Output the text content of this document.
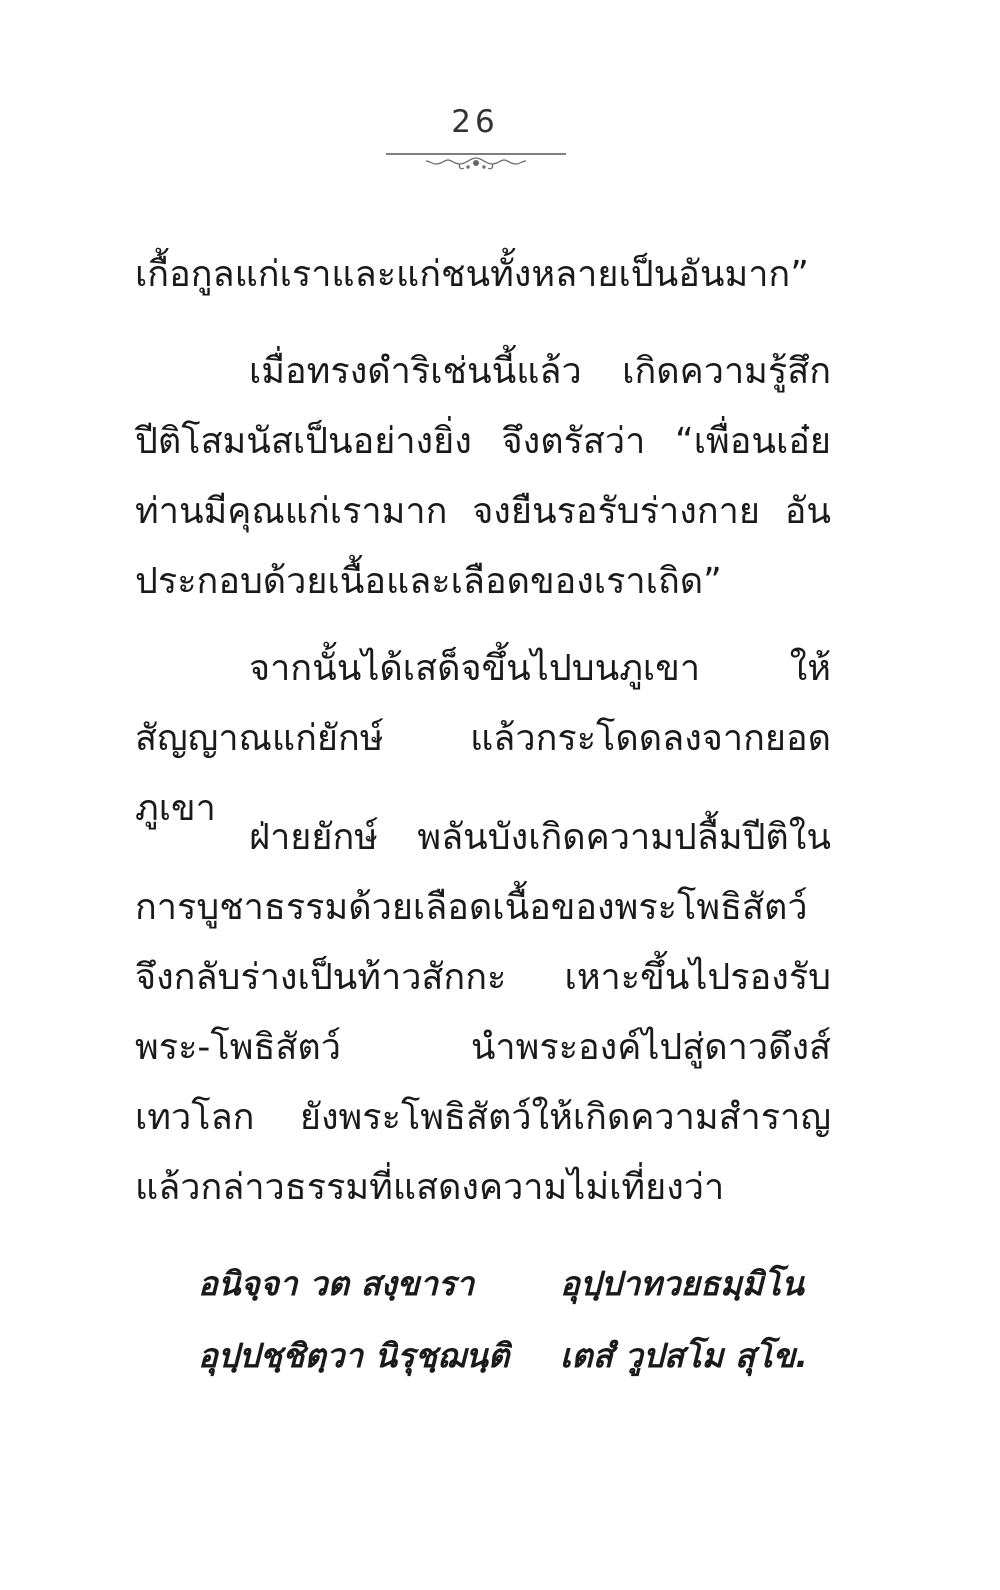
26
เกื้อกูลแก่เราและแก่ชนทั้งหลายเป็นอันมาก”
เมื่อทรงดำริเช่นนี้แล้ว เกิดความรู้สึกปีติโสมนัสเป็นอย่างยิ่ง จึงตรัสว่า “เพื่อนเอ๋ย ท่านมีคุณแก่เรามาก จงยืนรอรับร่างกาย อันประกอบด้วยเนื้อและเลือดของเราเถิด”
จากนั้นได้เสด็จขึ้นไปบนภูเขา ให้สัญญาณแก่ยักษ์ แล้วกระโดดลงจากยอดภูเขา
ฝ่ายยักษ์ พลันบังเกิดความปลื้มปีติในการบูชาธรรมด้วยเลือดเนื้อของพระโพธิสัตว์ จึงกลับร่างเป็นท้าวสักกะ เหาะขึ้นไปรองรับพระ-โพธิสัตว์ นำพระองค์ไปสู่ดาวดึงส์เทวโลก ยังพระโพธิสัตว์ให้เกิดความสำราญ แล้วกล่าวธรรมที่แสดงความไม่เที่ยงว่า
อนิจฺจา วต สงฺขารา	อุปฺปาทวยธมฺมิโน
อุปฺปชฺชิตฺวา นิรุชฺฌนฺติ	เตสํ วูปสโม สุโข.
